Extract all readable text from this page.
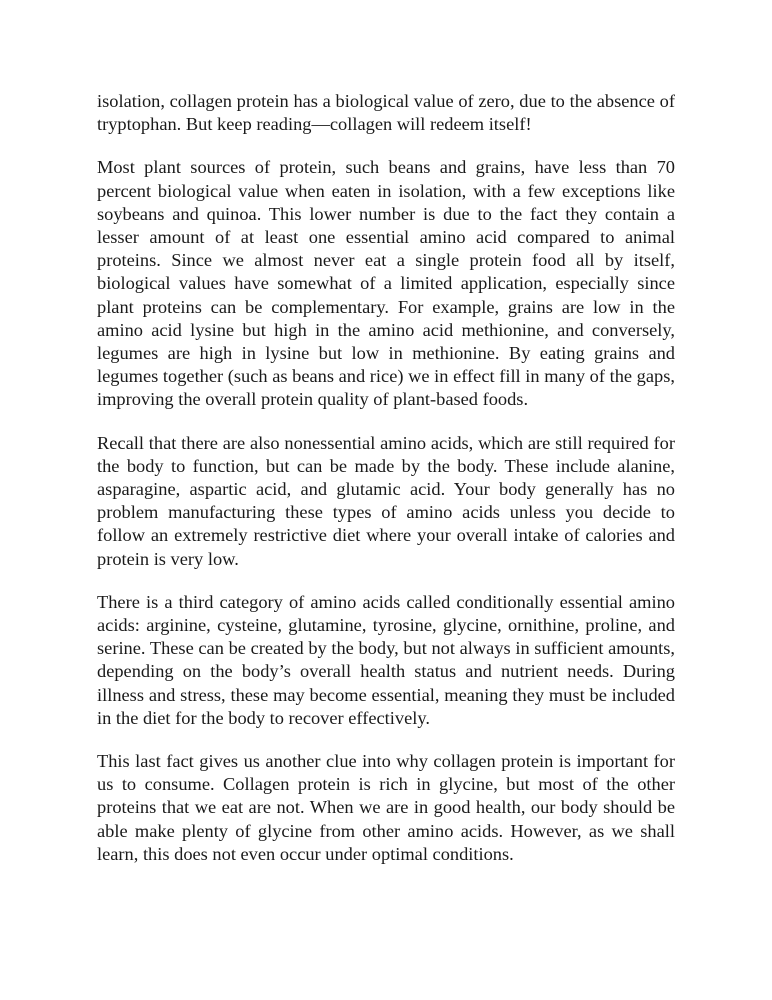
isolation, collagen protein has a biological value of zero, due to the absence of tryptophan. But keep reading—collagen will redeem itself!

Most plant sources of protein, such beans and grains, have less than 70 percent biological value when eaten in isolation, with a few exceptions like soybeans and quinoa. This lower number is due to the fact they contain a lesser amount of at least one essential amino acid compared to animal proteins. Since we almost never eat a single protein food all by itself, biological values have somewhat of a limited application, especially since plant proteins can be complementary. For example, grains are low in the amino acid lysine but high in the amino acid methionine, and conversely, legumes are high in lysine but low in methionine. By eating grains and legumes together (such as beans and rice) we in effect fill in many of the gaps, improving the overall protein quality of plant-based foods.

Recall that there are also nonessential amino acids, which are still required for the body to function, but can be made by the body. These include alanine, asparagine, aspartic acid, and glutamic acid. Your body generally has no problem manufacturing these types of amino acids unless you decide to follow an extremely restrictive diet where your overall intake of calories and protein is very low.

There is a third category of amino acids called conditionally essential amino acids: arginine, cysteine, glutamine, tyrosine, glycine, ornithine, proline, and serine. These can be created by the body, but not always in sufficient amounts, depending on the body’s overall health status and nutrient needs. During illness and stress, these may become essential, meaning they must be included in the diet for the body to recover effectively.

This last fact gives us another clue into why collagen protein is important for us to consume. Collagen protein is rich in glycine, but most of the other proteins that we eat are not. When we are in good health, our body should be able make plenty of glycine from other amino acids. However, as we shall learn, this does not even occur under optimal conditions.
